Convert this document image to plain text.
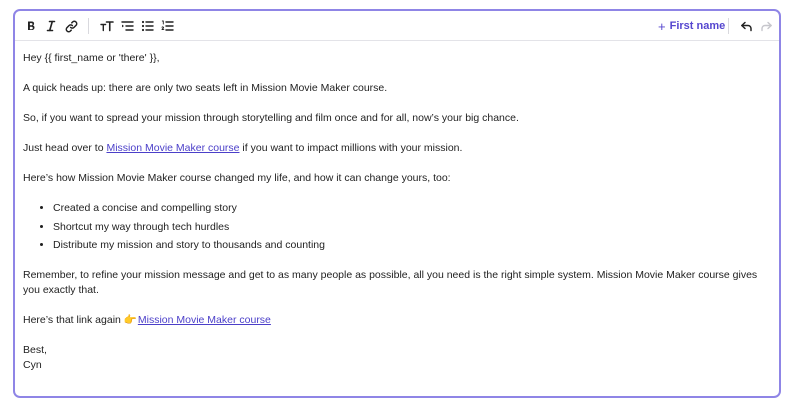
+ First name

Hey {{ first_name or 'there' }},

A quick heads up: there are only two seats left in Mission Movie Maker course.

So, if you want to spread your mission through storytelling and film once and for all, now’s your big chance.

Just head over to Mission Movie Maker course if you want to impact millions with your mission.

Here’s how Mission Movie Maker course changed my life, and how it can change yours, too:

• Created a concise and compelling story
• Shortcut my way through tech hurdles
• Distribute my mission and story to thousands and counting

Remember, to refine your mission message and get to as many people as possible, all you need is the right simple system. Mission Movie Maker course gives you exactly that.

Here’s that link again 👉Mission Movie Maker course

Best,
Cyn
